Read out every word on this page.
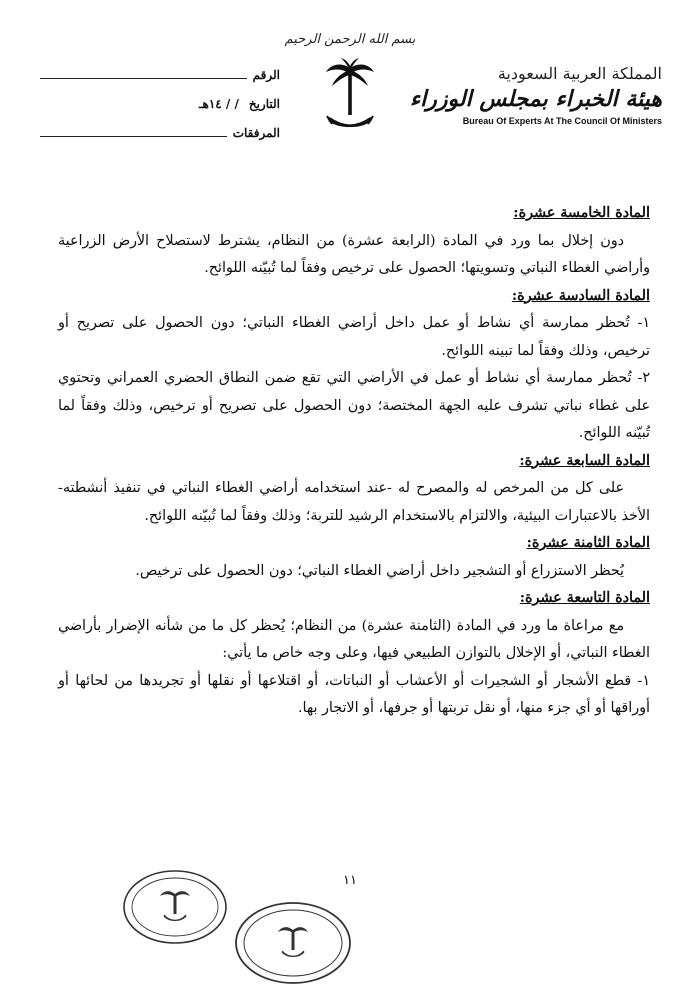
بسم الله الرحمن الرحيم
الرقم
التاريخ
/ / ١٤هـ
المرفقات
المملكة العربية السعودية
هيئة الخبراء بمجلس الوزراء
Bureau Of Experts At The Council Of Ministers

المادة الخامسة عشرة:

دون إخلال بما ورد في المادة (الرابعة عشرة) من النظام، يشترط لاستصلاح الأرض الزراعية وأراضي الغطاء النباتي وتسويتها؛ الحصول على ترخيص وفقاً لما تُبيّنه اللوائح.

المادة السادسة عشرة:

١- تُحظر ممارسة أي نشاط أو عمل داخل أراضي الغطاء النباتي؛ دون الحصول على تصريح أو ترخيص، وذلك وفقاً لما تبينه اللوائح.

٢- تُحظر ممارسة أي نشاط أو عمل في الأراضي التي تقع ضمن النطاق الحضري العمراني وتحتوي على غطاء نباتي تشرف عليه الجهة المختصة؛ دون الحصول على تصريح أو ترخيص، وذلك وفقاً لما تُبيّنه اللوائح.

المادة السابعة عشرة:

على كل من المرخص له والمصرح له -عند استخدامه أراضي الغطاء النباتي في تنفيذ أنشطته- الأخذ بالاعتبارات البيئية، والالتزام بالاستخدام الرشيد للتربة؛ وذلك وفقاً لما تُبيّنه اللوائح.

المادة الثامنة عشرة:

يُحظر الاستزراع أو التشجير داخل أراضي الغطاء النباتي؛ دون الحصول على ترخيص.

المادة التاسعة عشرة:

مع مراعاة ما ورد في المادة (الثامنة عشرة) من النظام؛ يُحظر كل ما من شأنه الإضرار بأراضي الغطاء النباتي، أو الإخلال بالتوازن الطبيعي فيها، وعلى وجه خاص ما يأتي:

١- قطع الأشجار أو الشجيرات أو الأعشاب أو النباتات، أو اقتلاعها أو نقلها أو تجريدها من لحائها أو أوراقها أو أي جزء منها، أو نقل تربتها أو جرفها، أو الاتجار بها.

١١
